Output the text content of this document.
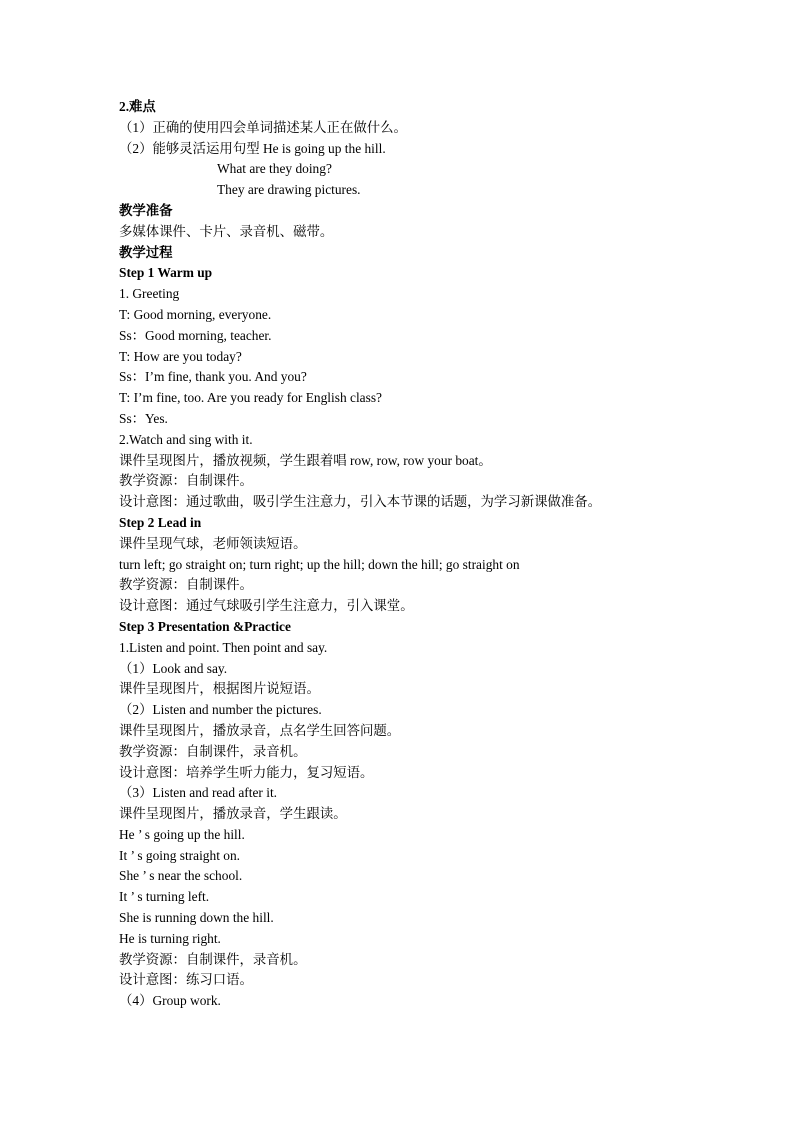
2.难点
（1）正确的使用四会单词描述某人正在做什么。
（2）能够灵活运用句型 He is going up the hill.
What are they doing?
They are drawing pictures.
教学准备
多媒体课件、卡片、录音机、磁带。
教学过程
Step 1 Warm up
1. Greeting
T: Good morning, everyone.
Ss：Good morning, teacher.
T: How are you today?
Ss：I’m fine, thank you. And you?
T: I’m fine, too. Are you ready for English class?
Ss：Yes.
2.Watch and sing with it.
课件呈现图片，播放视频，学生跟着唱 row, row, row your boat。
教学资源：自制课件。
设计意图：通过歌曲，吸引学生注意力，引入本节课的话题，为学习新课做准备。
Step 2 Lead in
课件呈现气球，老师领读短语。
turn left; go straight on; turn right; up the hill; down the hill; go straight on
教学资源：自制课件。
设计意图：通过气球吸引学生注意力，引入课堂。
Step 3 Presentation &Practice
1.Listen and point. Then point and say.
（1）Look and say.
课件呈现图片，根据图片说短语。
（2）Listen and number the pictures.
课件呈现图片，播放录音，点名学生回答问题。
教学资源：自制课件，录音机。
设计意图：培养学生听力能力，复习短语。
（3）Listen and read after it.
课件呈现图片，播放录音，学生跟读。
He ’ s going up the hill.
It ’ s going straight on.
She ’ s near the school.
It ’ s turning left.
She is running down the hill.
He is turning right.
教学资源：自制课件，录音机。
设计意图：练习口语。
（4）Group work.
